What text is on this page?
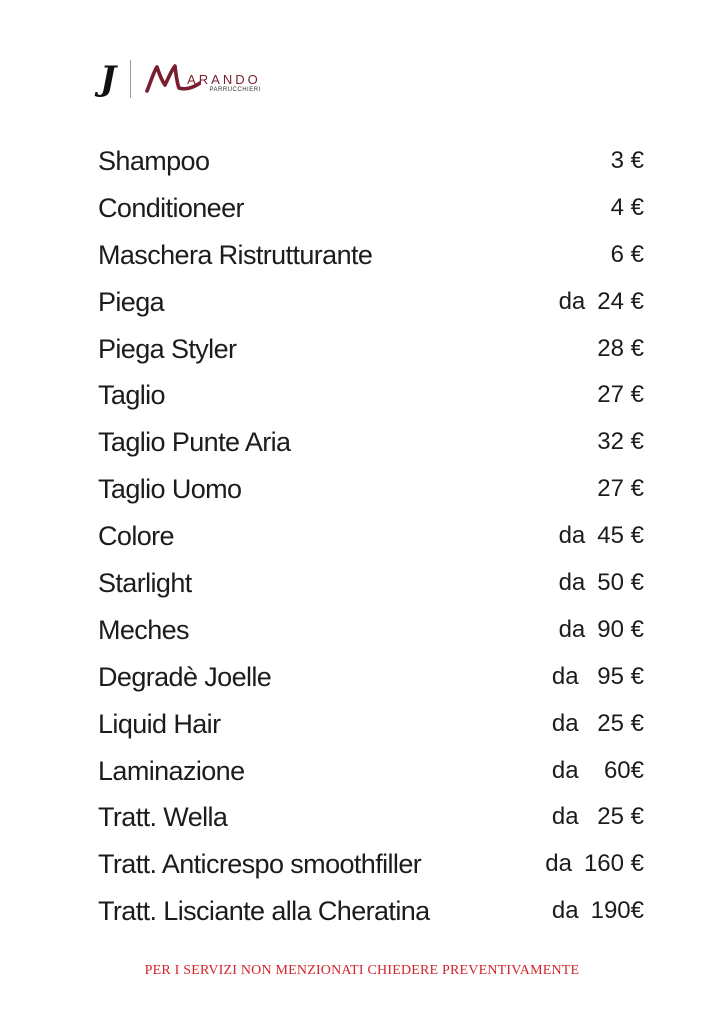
J	ARANDO
PARRUCCHIERI
Shampoo	3 €
Conditioneer	4 €
Maschera Ristrutturante	6 €
Piega	da 24 €
Piega Styler	28 €
Taglio	27 €
Taglio Punte Aria	32 €
Taglio Uomo	27 €
Colore	da 45 €
Starlight	da 50 €
Meches	da 90 €
Degradè Joelle	da 95 €
Liquid Hair	da 25 €
Laminazione	da  60€
Tratt. Wella	da 25 €
Tratt. Anticrespo smoothfiller	da 160 €
Tratt. Lisciante alla Cheratina	da 190€
PER I SERVIZI NON MENZIONATI CHIEDERE PREVENTIVAMENTE
